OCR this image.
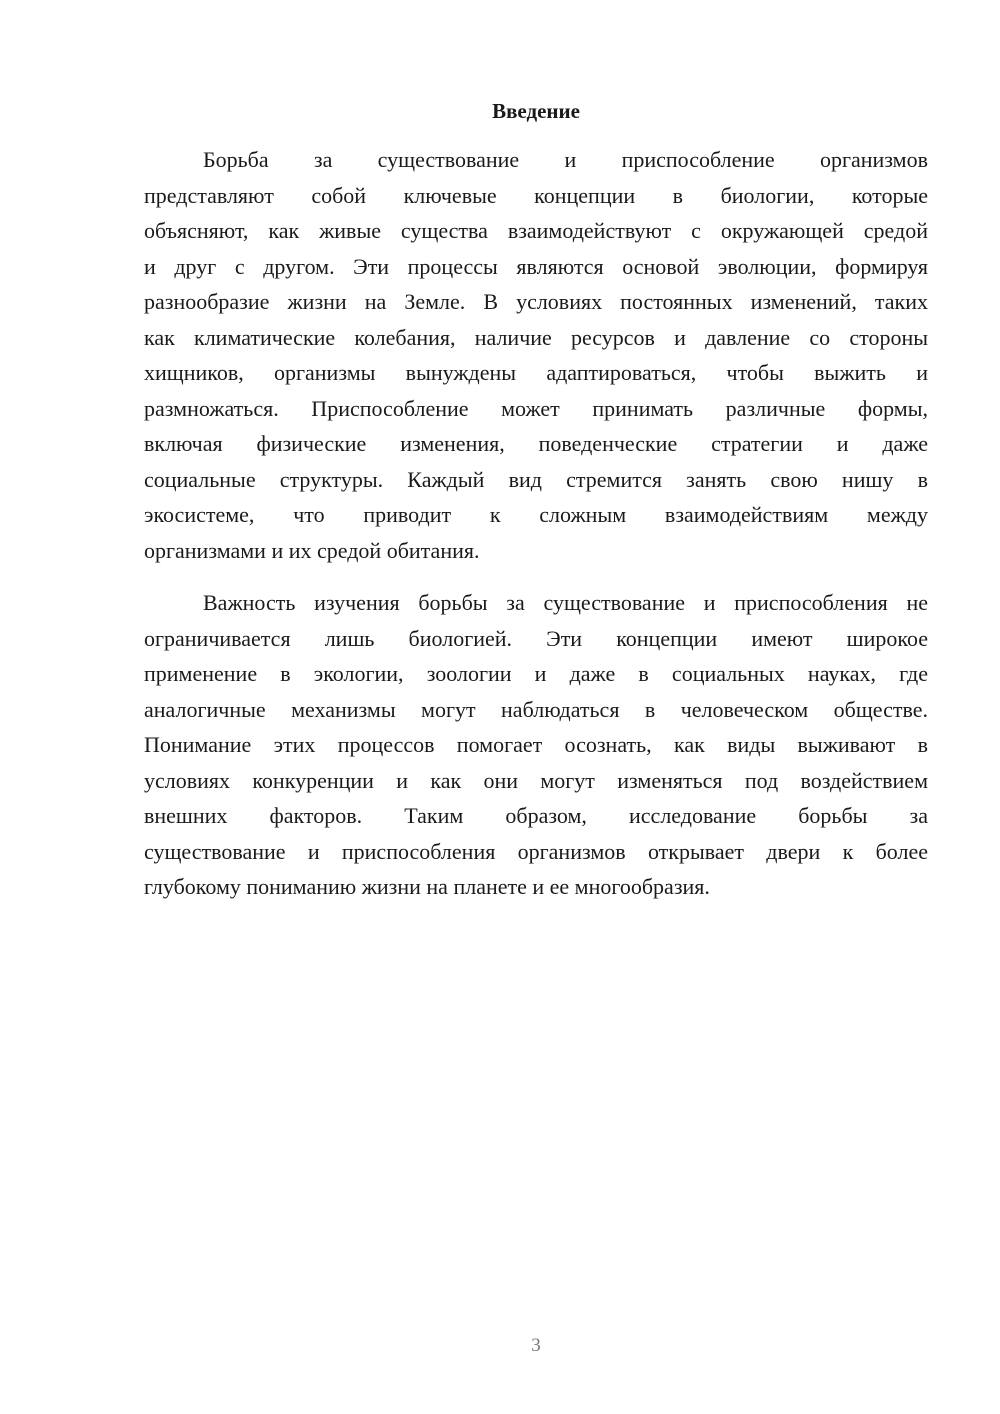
Введение

Борьба за существование и приспособление организмов
представляют собой ключевые концепции в биологии, которые
объясняют, как живые существа взаимодействуют с окружающей средой
и друг с другом. Эти процессы являются основой эволюции, формируя
разнообразие жизни на Земле. В условиях постоянных изменений, таких
как климатические колебания, наличие ресурсов и давление со стороны
хищников, организмы вынуждены адаптироваться, чтобы выжить и
размножаться. Приспособление может принимать различные формы,
включая физические изменения, поведенческие стратегии и даже
социальные структуры. Каждый вид стремится занять свою нишу в
экосистеме, что приводит к сложным взаимодействиям между
организмами и их средой обитания.

Важность изучения борьбы за существование и приспособления не
ограничивается лишь биологией. Эти концепции имеют широкое
применение в экологии, зоологии и даже в социальных науках, где
аналогичные механизмы могут наблюдаться в человеческом обществе.
Понимание этих процессов помогает осознать, как виды выживают в
условиях конкуренции и как они могут изменяться под воздействием
внешних факторов. Таким образом, исследование борьбы за
существование и приспособления организмов открывает двери к более
глубокому пониманию жизни на планете и ее многообразия.

3
